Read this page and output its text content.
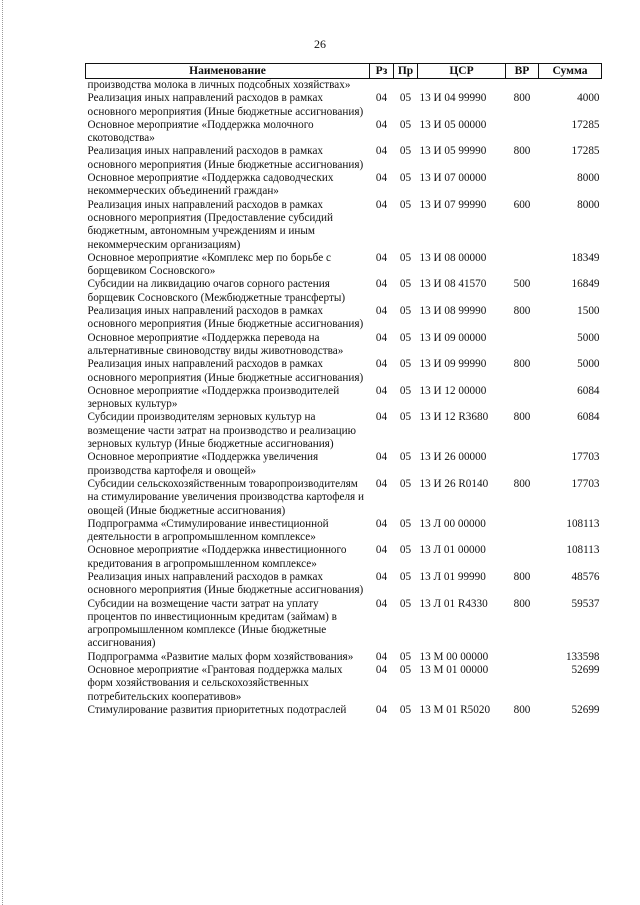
26
Наименование	Рз	Пр	ЦСР	ВР	Сумма
производства молока в личных подсобных хозяйствах»					
Реализация иных направлений расходов в рамках основного мероприятия (Иные бюджетные ассигнования)	04	05	13 И 04 99990	800	4000
Основное мероприятие «Поддержка молочного скотоводства»	04	05	13 И 05 00000		17285
Реализация иных направлений расходов в рамках основного мероприятия (Иные бюджетные ассигнования)	04	05	13 И 05 99990	800	17285
Основное мероприятие «Поддержка садоводческих некоммерческих объединений граждан»	04	05	13 И 07 00000		8000
Реализация иных направлений расходов в рамках основного мероприятия (Предоставление субсидий бюджетным, автономным учреждениям и иным некоммерческим организациям)	04	05	13 И 07 99990	600	8000
Основное мероприятие «Комплекс мер по борьбе с борщевиком Сосновского»	04	05	13 И 08 00000		18349
Субсидии на ликвидацию очагов сорного растения борщевик Сосновского (Межбюджетные трансферты)	04	05	13 И 08 41570	500	16849
Реализация иных направлений расходов в рамках основного мероприятия (Иные бюджетные ассигнования)	04	05	13 И 08 99990	800	1500
Основное мероприятие «Поддержка перевода на альтернативные свиноводству виды животноводства»	04	05	13 И 09 00000		5000
Реализация иных направлений расходов в рамках основного мероприятия (Иные бюджетные ассигнования)	04	05	13 И 09 99990	800	5000
Основное мероприятие «Поддержка производителей зерновых культур»	04	05	13 И 12 00000		6084
Субсидии производителям зерновых культур на возмещение части затрат на производство и реализацию зерновых культур (Иные бюджетные ассигнования)	04	05	13 И 12 R3680	800	6084
Основное мероприятие «Поддержка увеличения производства картофеля и овощей»	04	05	13 И 26 00000		17703
Субсидии сельскохозяйственным товаропроизводителям на стимулирование увеличения производства картофеля и овощей (Иные бюджетные ассигнования)	04	05	13 И 26 R0140	800	17703
Подпрограмма «Стимулирование инвестиционной деятельности в агропромышленном комплексе»	04	05	13 Л 00 00000		108113
Основное мероприятие «Поддержка инвестиционного кредитования в агропромышленном комплексе»	04	05	13 Л 01 00000		108113
Реализация иных направлений расходов в рамках основного мероприятия (Иные бюджетные ассигнования)	04	05	13 Л 01 99990	800	48576
Субсидии на возмещение части затрат на уплату процентов по инвестиционным кредитам (займам) в агропромышленном комплексе (Иные бюджетные ассигнования)	04	05	13 Л 01 R4330	800	59537
Подпрограмма «Развитие малых форм хозяйствования»	04	05	13 М 00 00000		133598
Основное мероприятие «Грантовая поддержка малых форм хозяйствования и сельскохозяйственных потребительских кооперативов»	04	05	13 М 01 00000		52699
Стимулирование развития приоритетных подотраслей	04	05	13 М 01 R5020	800	52699
